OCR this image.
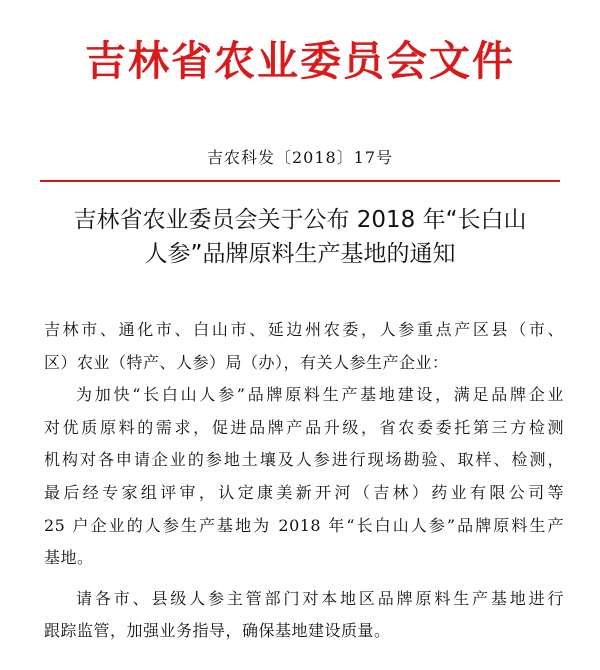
吉林省农业委员会文件
吉农科发〔2018〕17号
吉林省农业委员会关于公布 2018 年“长白山
人参”品牌原料生产基地的通知
吉林市、通化市、白山市、延边州农委，人参重点产区县（市、
区）农业（特产、人参）局（办），有关人参生产企业：
为加快“长白山人参”品牌原料生产基地建设，满足品牌企业
对优质原料的需求，促进品牌产品升级，省农委委托第三方检测
机构对各申请企业的参地土壤及人参进行现场勘验、取样、检测，
最后经专家组评审，认定康美新开河（吉林）药业有限公司等
25 户企业的人参生产基地为 2018 年“长白山人参”品牌原料生产
基地。
请各市、县级人参主管部门对本地区品牌原料生产基地进行
跟踪监管，加强业务指导，确保基地建设质量。
